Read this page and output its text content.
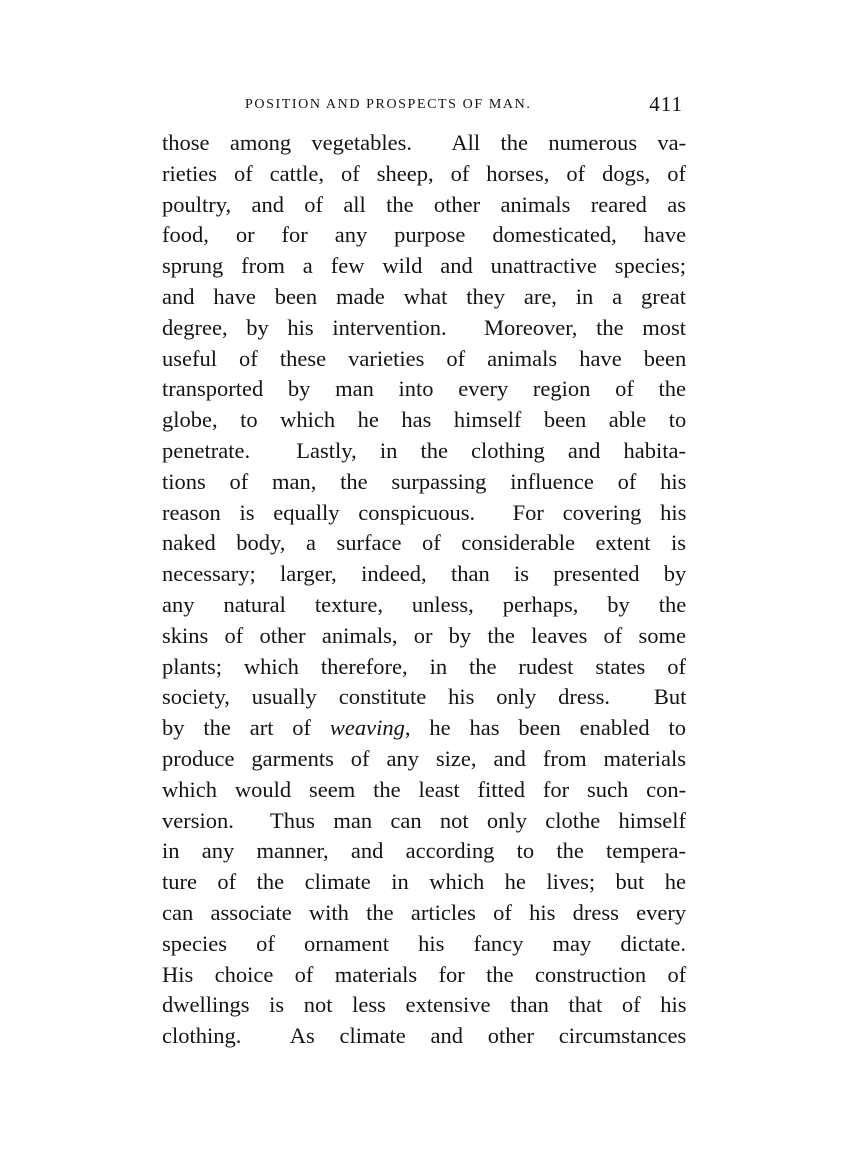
POSITION AND PROSPECTS OF MAN.	411
those among vegetables.  All the numerous va-
rieties of cattle, of sheep, of horses, of dogs, of
poultry, and of all the other animals reared as
food, or for any purpose domesticated, have
sprung from a few wild and unattractive species;
and have been made what they are, in a great
degree, by his intervention.  Moreover, the most
useful of these varieties of animals have been
transported by man into every region of the
globe, to which he has himself been able to
penetrate.  Lastly, in the clothing and habita-
tions of man, the surpassing influence of his
reason is equally conspicuous.  For covering his
naked body, a surface of considerable extent is
necessary; larger, indeed, than is presented by
any natural texture, unless, perhaps, by the
skins of other animals, or by the leaves of some
plants; which therefore, in the rudest states of
society, usually constitute his only dress.  But
by the art of weaving, he has been enabled to
produce garments of any size, and from materials
which would seem the least fitted for such con-
version.  Thus man can not only clothe himself
in any manner, and according to the tempera-
ture of the climate in which he lives; but he
can associate with the articles of his dress every
species of ornament his fancy may dictate.
His choice of materials for the construction of
dwellings is not less extensive than that of his
clothing.  As climate and other circumstances
